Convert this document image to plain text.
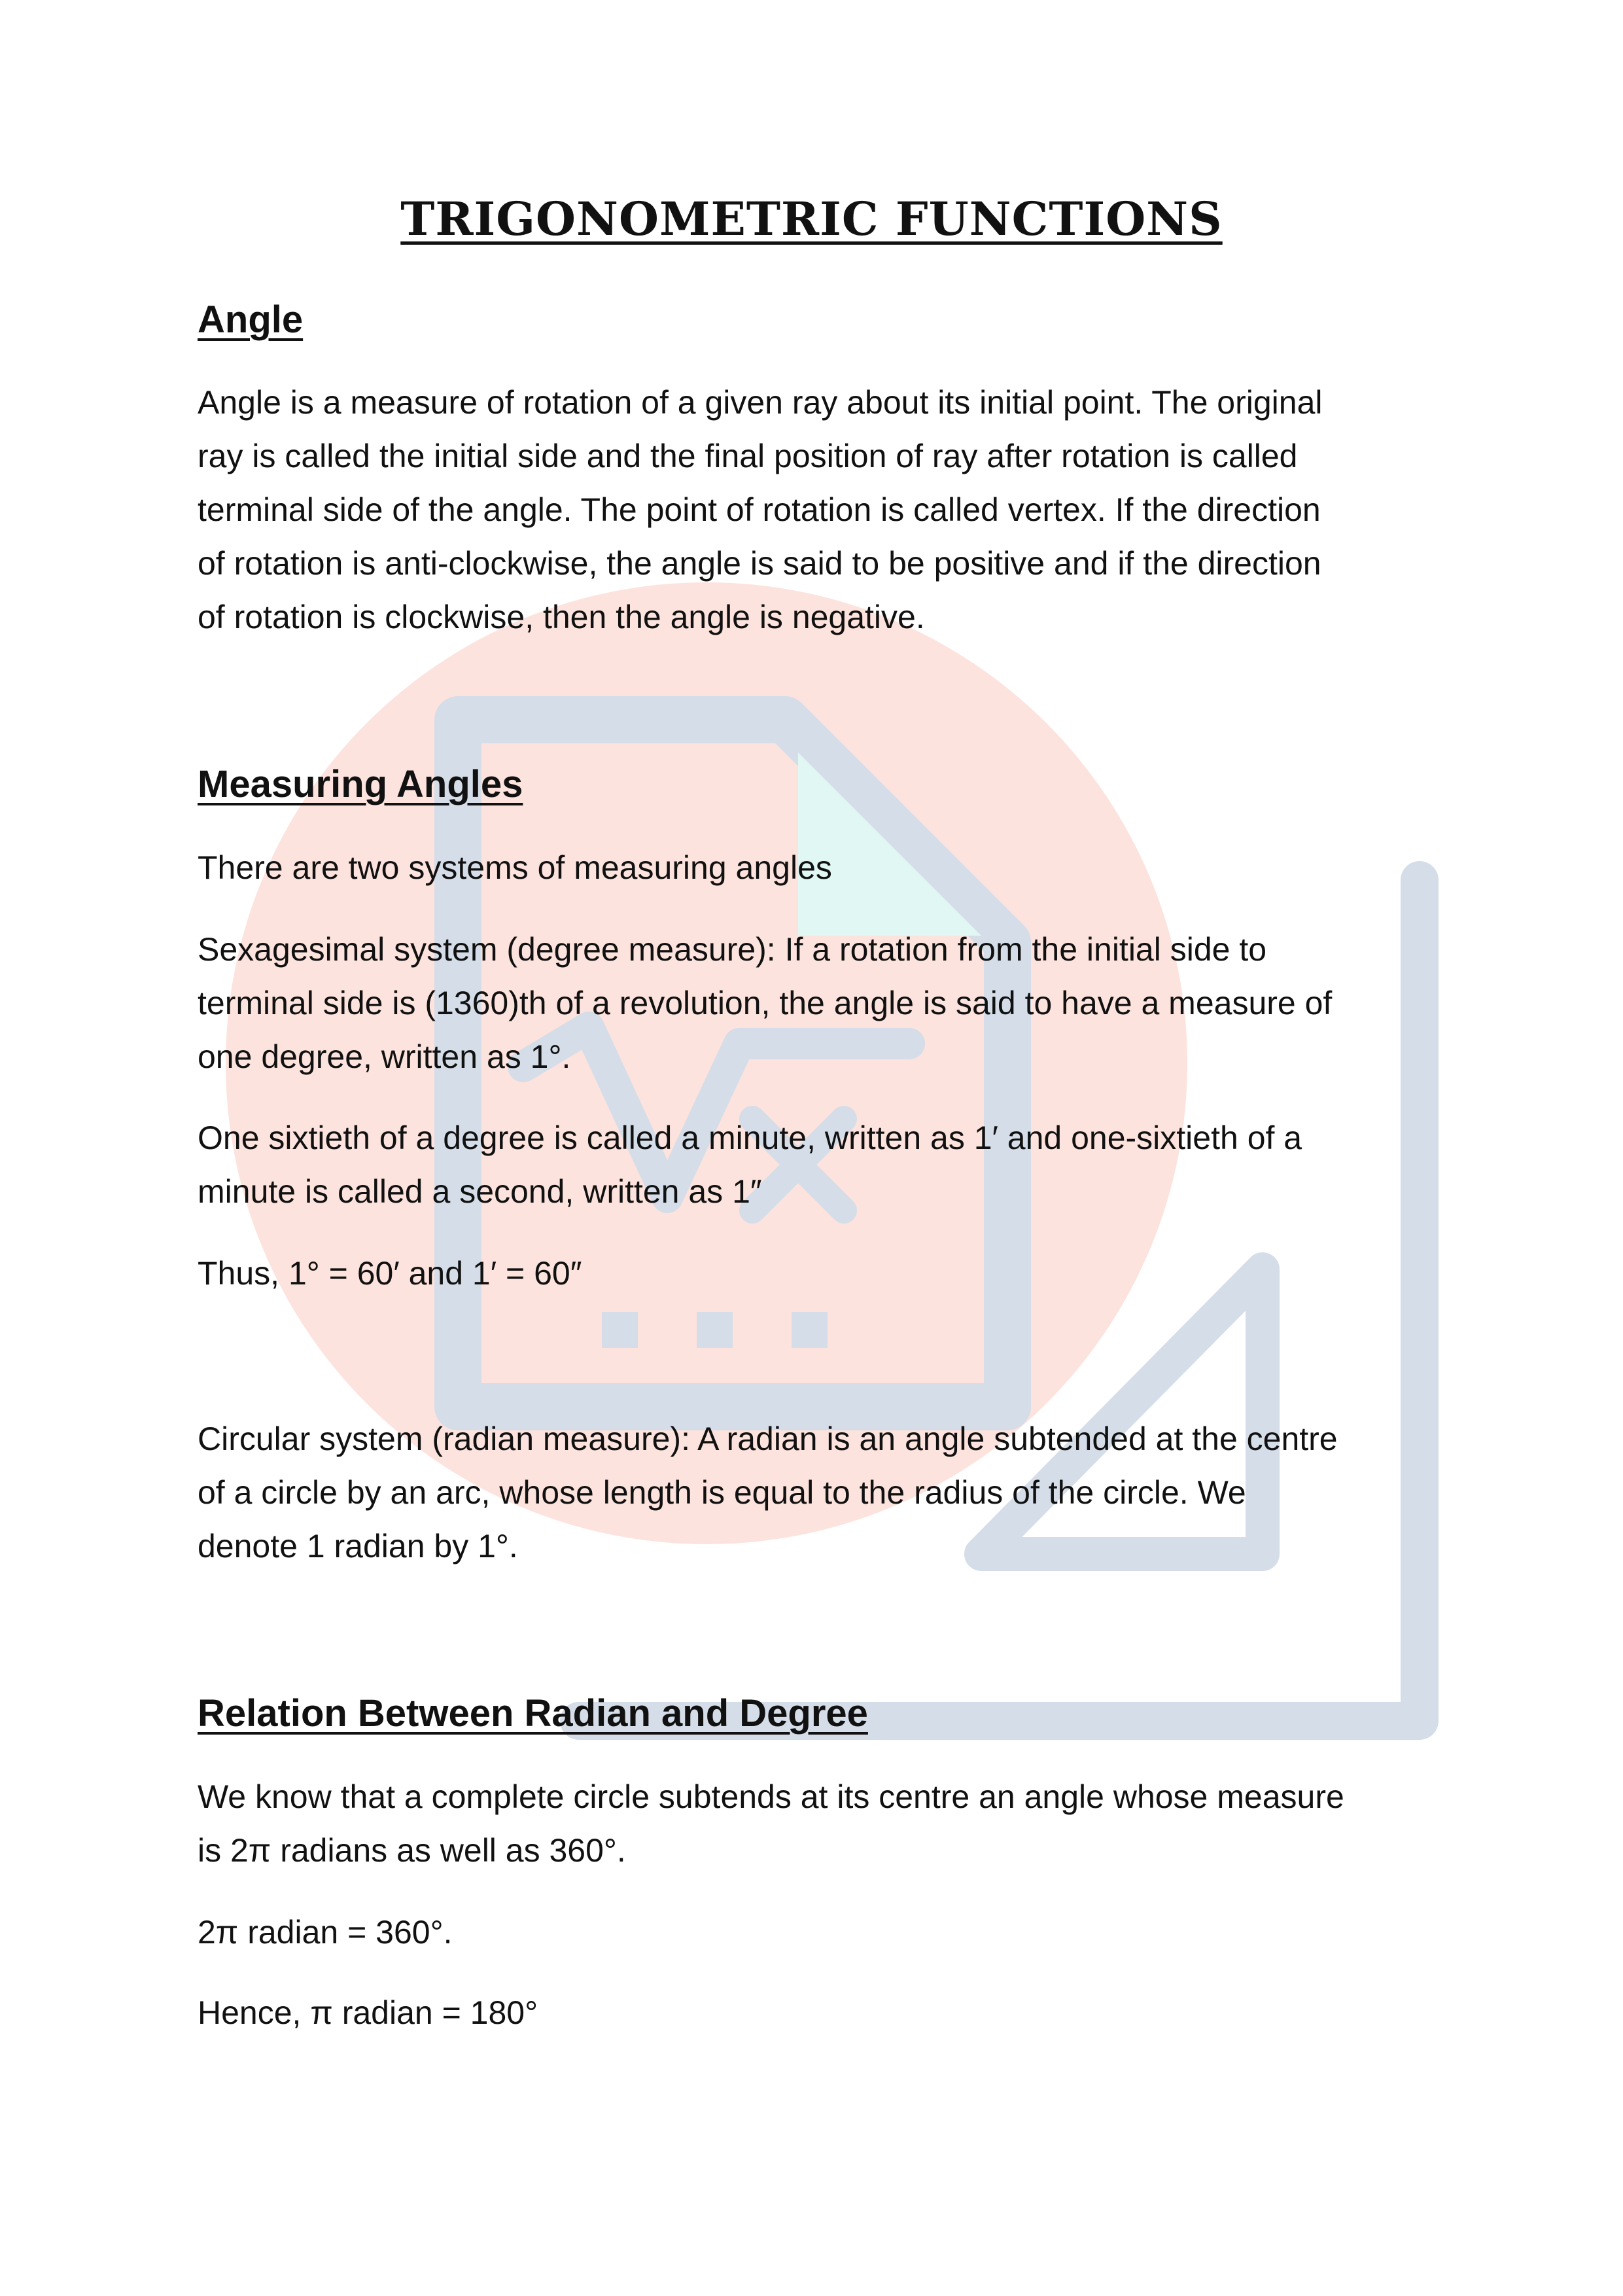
TRIGONOMETRIC FUNCTIONS
Angle

Angle is a measure of rotation of a given ray about its initial point. The original
ray is called the initial side and the final position of ray after rotation is called
terminal side of the angle. The point of rotation is called vertex. If the direction
of rotation is anti-clockwise, the angle is said to be positive and if the direction
of rotation is clockwise, then the angle is negative.

Measuring Angles

There are two systems of measuring angles

Sexagesimal system (degree measure): If a rotation from the initial side to
terminal side is (1360)th of a revolution, the angle is said to have a measure of
one degree, written as 1°.

One sixtieth of a degree is called a minute, written as 1′ and one-sixtieth of a
minute is called a second, written as 1″

Thus, 1° = 60′ and 1′ = 60″

Circular system (radian measure): A radian is an angle subtended at the centre
of a circle by an arc, whose length is equal to the radius of the circle. We
denote 1 radian by 1°.

Relation Between Radian and Degree

We know that a complete circle subtends at its centre an angle whose measure
is 2π radians as well as 360°.

2π radian = 360°.

Hence, π radian = 180°
